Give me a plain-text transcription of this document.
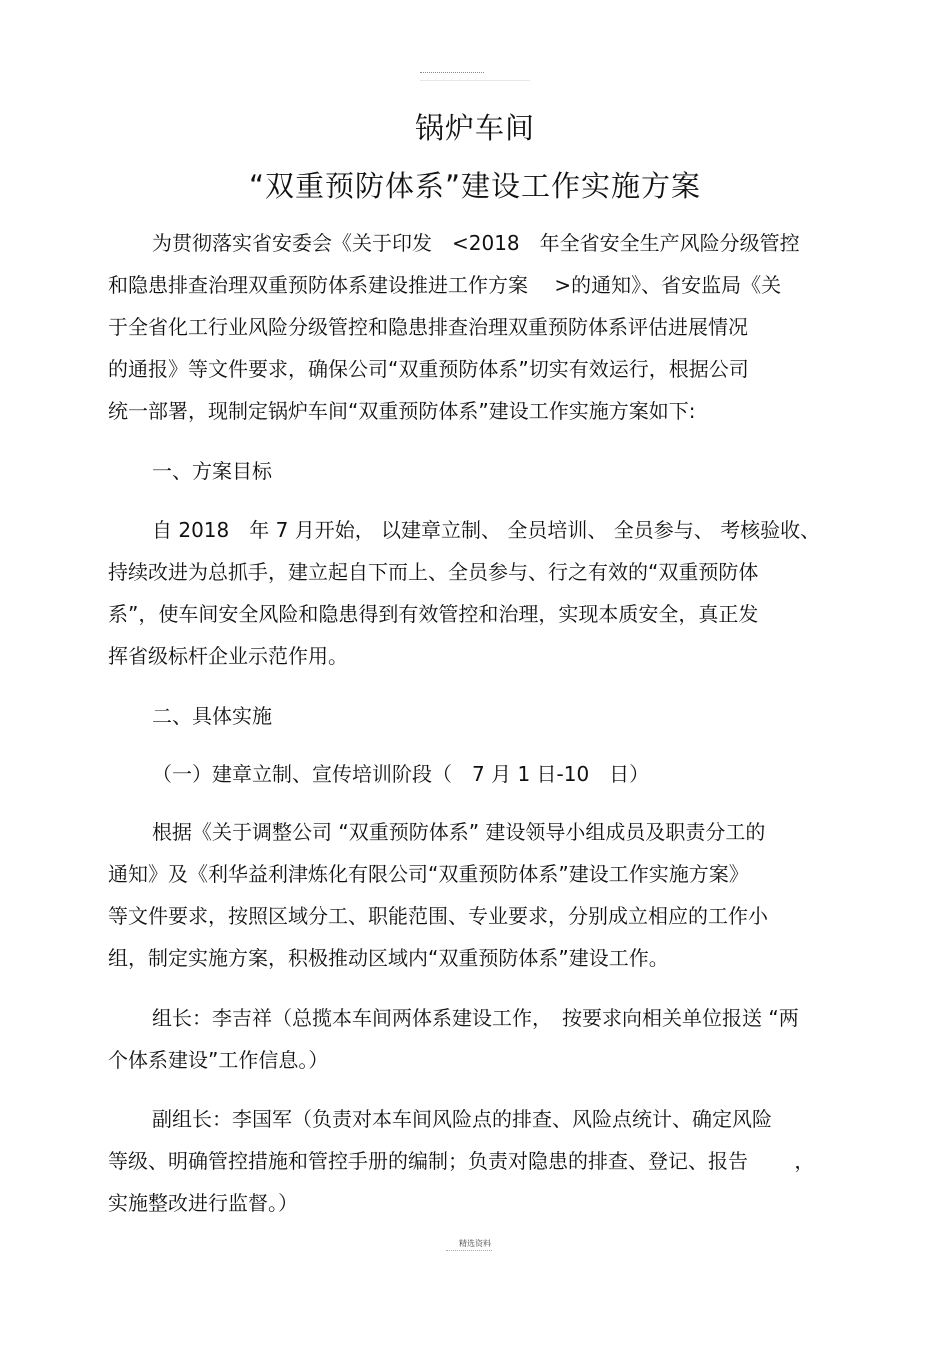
锅炉车间
“双重预防体系”建设工作实施方案
为贯彻落实省安委会《关于印发　<2018　年全省安全生产风险分级管控
和隐患排查治理双重预防体系建设推进工作方案　 >的通知》、省安监局《关
于全省化工行业风险分级管控和隐患排查治理双重预防体系评估进展情况
的通报》等文件要求，确保公司“双重预防体系”切实有效运行，根据公司
统一部署，现制定锅炉车间“双重预防体系”建设工作实施方案如下:
一、方案目标
自 2018　年 7 月开始， 以建章立制、 全员培训、 全员参与、 考核验收、
持续改进为总抓手，建立起自下而上、全员参与、行之有效的“双重预防体
系”，使车间安全风险和隐患得到有效管控和治理，实现本质安全，真正发
挥省级标杆企业示范作用。
二、具体实施
（一）建章立制、宣传培训阶段（　7 月 1 日-10　日）
根据《关于调整公司 “双重预防体系” 建设领导小组成员及职责分工的
通知》及《利华益利津炼化有限公司“双重预防体系”建设工作实施方案》
等文件要求，按照区域分工、职能范围、专业要求，分别成立相应的工作小
组，制定实施方案，积极推动区域内“双重预防体系”建设工作。
组长：李吉祥（总揽本车间两体系建设工作，　按要求向相关单位报送 “两
个体系建设”工作信息。）
副组长：李国军（负责对本车间风险点的排查、风险点统计、确定风险
等级、明确管控措施和管控手册的编制；负责对隐患的排查、登记、报告　　 ，
实施整改进行监督。）
精选资料
